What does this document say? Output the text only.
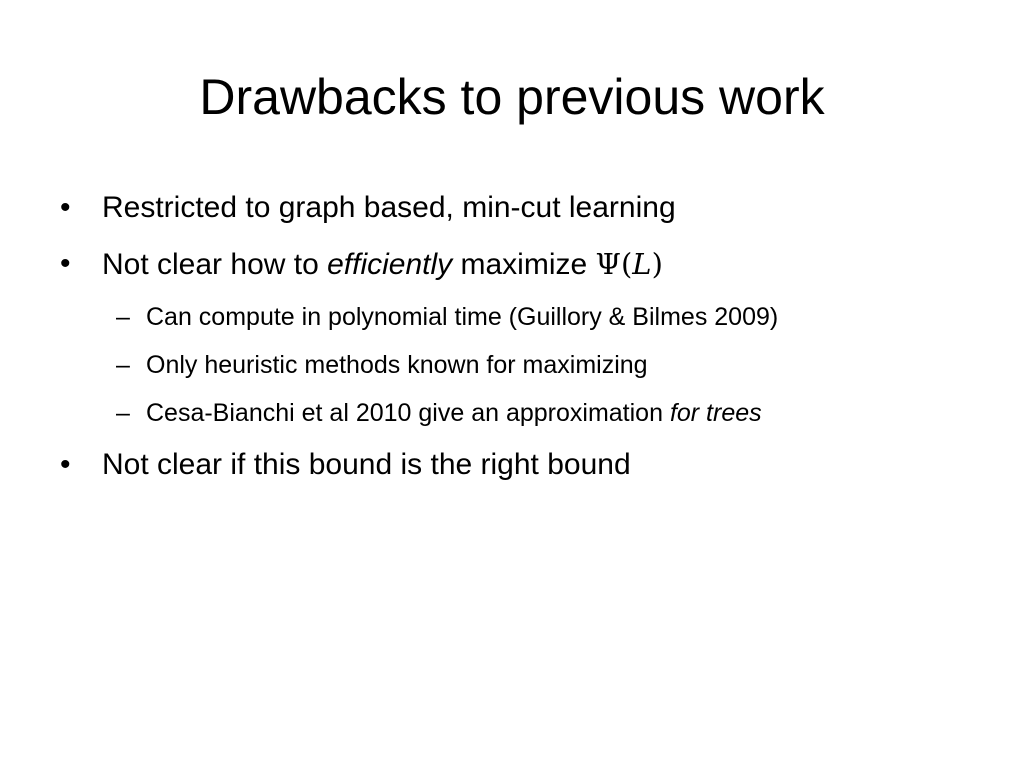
Drawbacks to previous work
•	Restricted to graph based, min-cut learning
•	Not clear how to efficiently maximize Ψ(L)
– Can compute in polynomial time (Guillory & Bilmes 2009)
– Only heuristic methods known for maximizing
– Cesa-Bianchi et al 2010 give an approximation for trees
•	Not clear if this bound is the right bound
